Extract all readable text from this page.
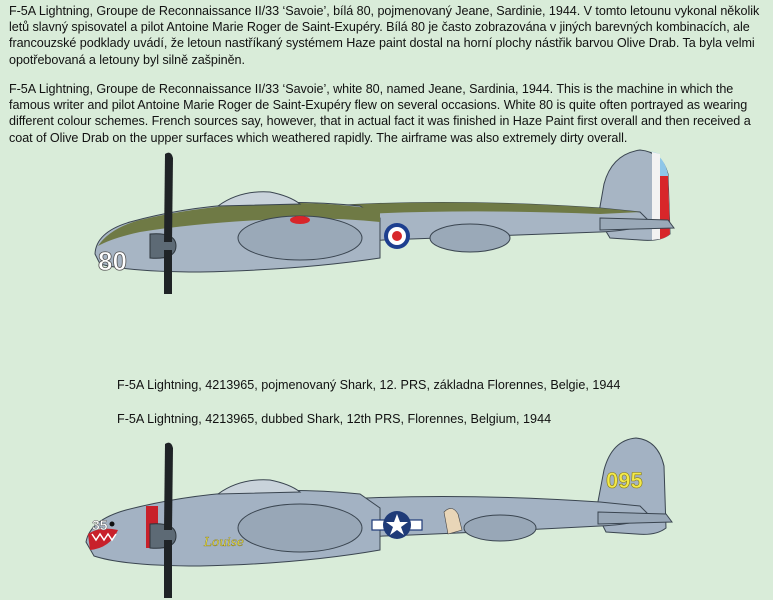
F-5A Lightning, Groupe de Reconnaissance II/33 ‘Savoie’, bílá 80, pojmenovaný Jeane, Sardinie, 1944. V tomto letounu vykonal několik letů slavný spisovatel a pilot Antoine Marie Roger de Saint-Exupéry. Bílá 80 je často zobrazována v jiných barevných kombinacích, ale francouzské podklady uvádí, že letoun nastříkaný systémem Haze paint dostal na horní plochy nástřik barvou Olive Drab. Ta byla velmi opotřebovaná a letouny byl silně zašpiněn.

F-5A Lightning, Groupe de Reconnaissance II/33 ‘Savoie’, white 80, named Jeane, Sardinia, 1944. This is the machine in which the famous writer and pilot Antoine Marie Roger de Saint-Exupéry flew on several occasions. White 80 is quite often portrayed as wearing different colour schemes. French sources say, however, that in actual fact it was finished in Haze Paint first overall and then received a coat of Olive Drab on the upper surfaces which weathered rapidly. The airframe was also extremely dirty overall.

80

F-5A Lightning, 4213965, pojmenovaný Shark, 12. PRS, základna Florennes, Belgie, 1944

F-5A Lightning, 4213965, dubbed Shark, 12th PRS, Florennes, Belgium, 1944

095
35
Louise
